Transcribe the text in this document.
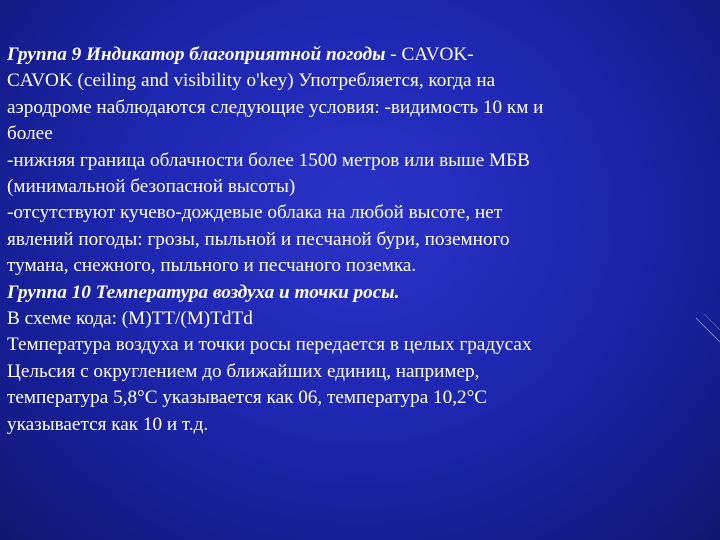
Группа 9 Индикатор благоприятной погоды - CAVOK-

CAVOK (ceiling and visibility o'key) Употребляется, когда на

аэродроме наблюдаются следующие условия: -видимость 10 км и

более

-нижняя граница облачности более 1500 метров или выше МБВ

(минимальной безопасной высоты)

-отсутствуют кучево-дождевые облака на любой высоте, нет

явлений погоды: грозы, пыльной и песчаной бури, поземного

тумана, снежного, пыльного и песчаного поземка.

Группа 10 Температура воздуха и точки росы.

В схеме кода: (M)TT/(M)TdTd

Температура воздуха и точки росы передается в целых градусах

Цельсия с округлением до ближайших единиц, например,

температура 5,8°С указывается как 06, температура 10,2°С

указывается как 10 и т.д.
